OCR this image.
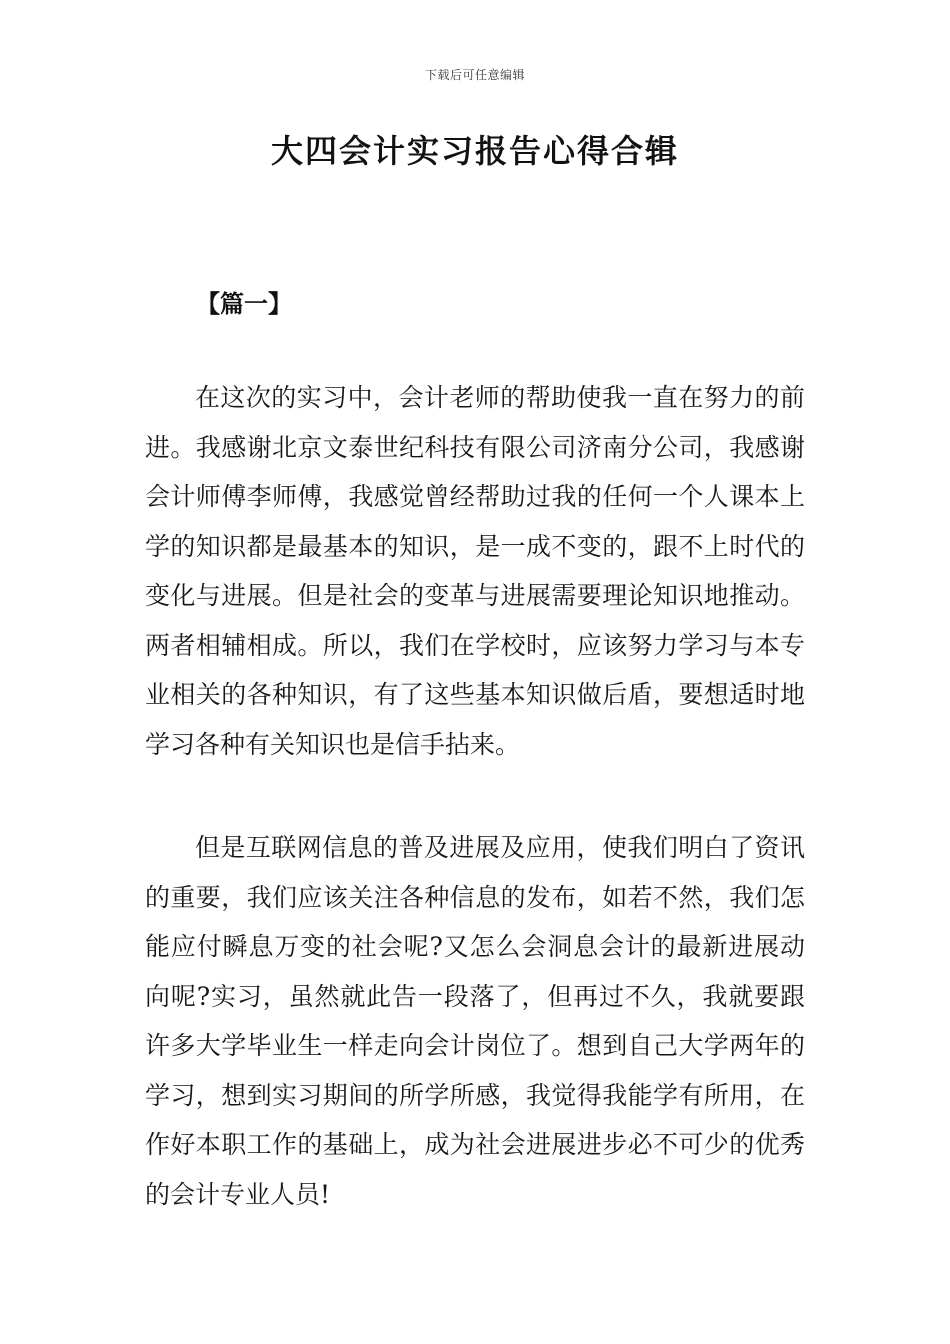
下载后可任意编辑
大四会计实习报告心得合辑
【篇一】

在这次的实习中，会计老师的帮助使我一直在努力的前进。我感谢北京文泰世纪科技有限公司济南分公司，我感谢会计师傅李师傅，我感觉曾经帮助过我的任何一个人课本上学的知识都是最基本的知识，是一成不变的，跟不上时代的变化与进展。但是社会的变革与进展需要理论知识地推动。两者相辅相成。所以，我们在学校时，应该努力学习与本专业相关的各种知识，有了这些基本知识做后盾，要想适时地学习各种有关知识也是信手拈来。

但是互联网信息的普及进展及应用，使我们明白了资讯的重要，我们应该关注各种信息的发布，如若不然，我们怎能应付瞬息万变的社会呢?又怎么会洞息会计的最新进展动向呢?实习，虽然就此告一段落了，但再过不久，我就要跟许多大学毕业生一样走向会计岗位了。想到自己大学两年的学习，想到实习期间的所学所感，我觉得我能学有所用，在作好本职工作的基础上，成为社会进展进步必不可少的优秀的会计专业人员!
